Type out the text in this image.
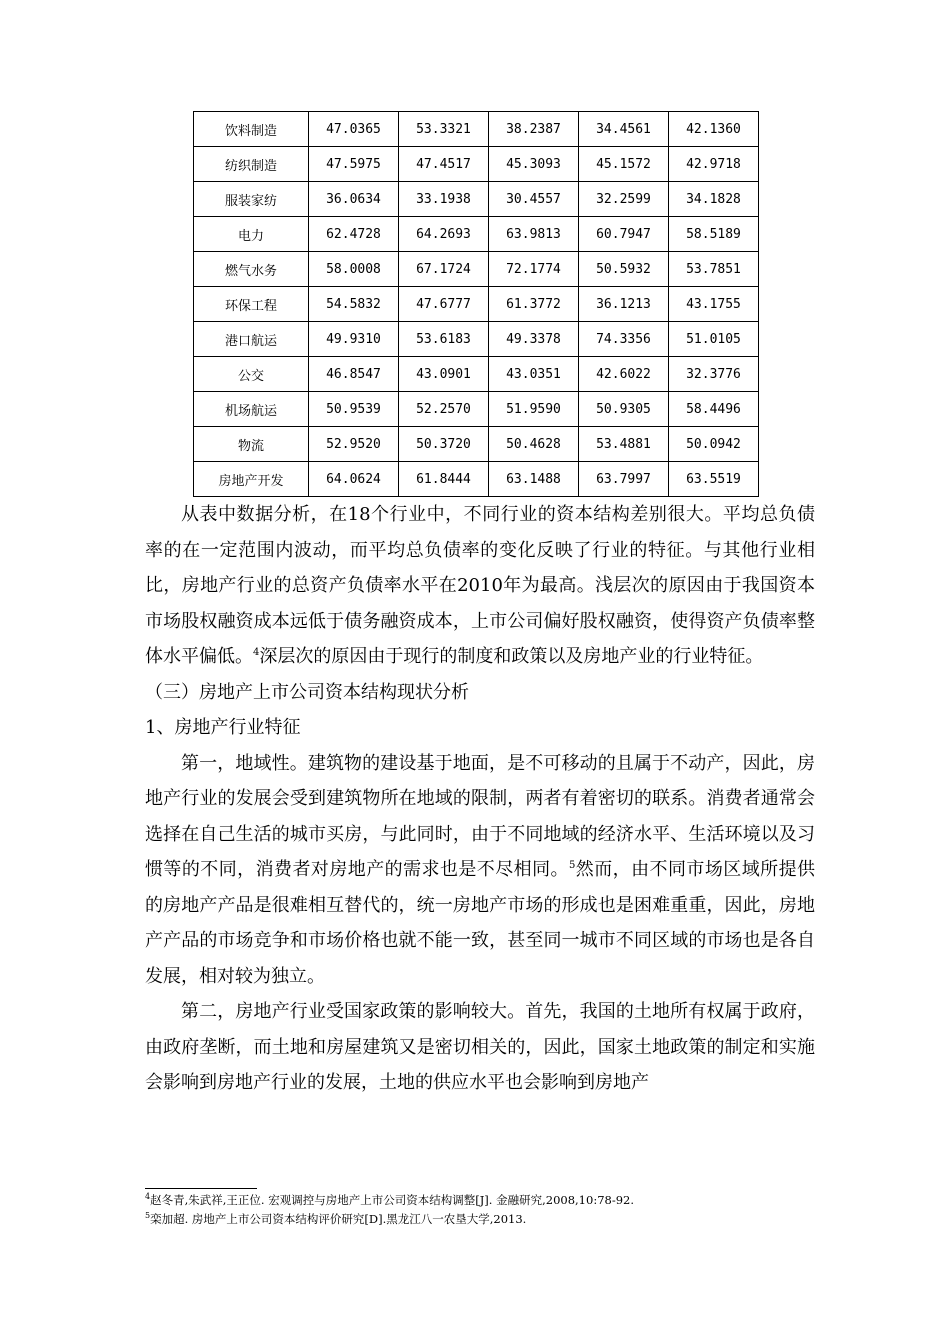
饮料制造	47.0365	53.3321	38.2387	34.4561	42.1360
纺织制造	47.5975	47.4517	45.3093	45.1572	42.9718
服装家纺	36.0634	33.1938	30.4557	32.2599	34.1828
电力	62.4728	64.2693	63.9813	60.7947	58.5189
燃气水务	58.0008	67.1724	72.1774	50.5932	53.7851
环保工程	54.5832	47.6777	61.3772	36.1213	43.1755
港口航运	49.9310	53.6183	49.3378	74.3356	51.0105
公交	46.8547	43.0901	43.0351	42.6022	32.3776
机场航运	50.9539	52.2570	51.9590	50.9305	58.4496
物流	52.9520	50.3720	50.4628	53.4881	50.0942
房地产开发	64.0624	61.8444	63.1488	63.7997	63.5519

从表中数据分析，在18个行业中，不同行业的资本结构差别很大。平均总负债率的在一定范围内波动，而平均总负债率的变化反映了行业的特征。与其他行业相比，房地产行业的总资产负债率水平在2010年为最高。浅层次的原因由于我国资本市场股权融资成本远低于债务融资成本，上市公司偏好股权融资，使得资产负债率整体水平偏低。$^4$深层次的原因由于现行的制度和政策以及房地产业的行业特征。

（三）房地产上市公司资本结构现状分析

1、房地产行业特征

第一，地域性。建筑物的建设基于地面，是不可移动的且属于不动产，因此，房地产行业的发展会受到建筑物所在地域的限制，两者有着密切的联系。消费者通常会选择在自己生活的城市买房，与此同时，由于不同地域的经济水平、生活环境以及习惯等的不同，消费者对房地产的需求也是不尽相同。$^5$然而，由不同市场区域所提供的房地产产品是很难相互替代的，统一房地产市场的形成也是困难重重，因此，房地产产品的市场竞争和市场价格也就不能一致，甚至同一城市不同区域的市场也是各自发展，相对较为独立。

第二，房地产行业受国家政策的影响较大。首先，我国的土地所有权属于政府，由政府垄断，而土地和房屋建筑又是密切相关的，因此，国家土地政策的制定和实施会影响到房地产行业的发展，土地的供应水平也会影响到房地产

$^4$赵冬青,朱武祥,王正位. 宏观调控与房地产上市公司资本结构调整[J]. 金融研究,2008,10:78-92.

$^5$栾加超. 房地产上市公司资本结构评价研究[D].黑龙江八一农垦大学,2013.
